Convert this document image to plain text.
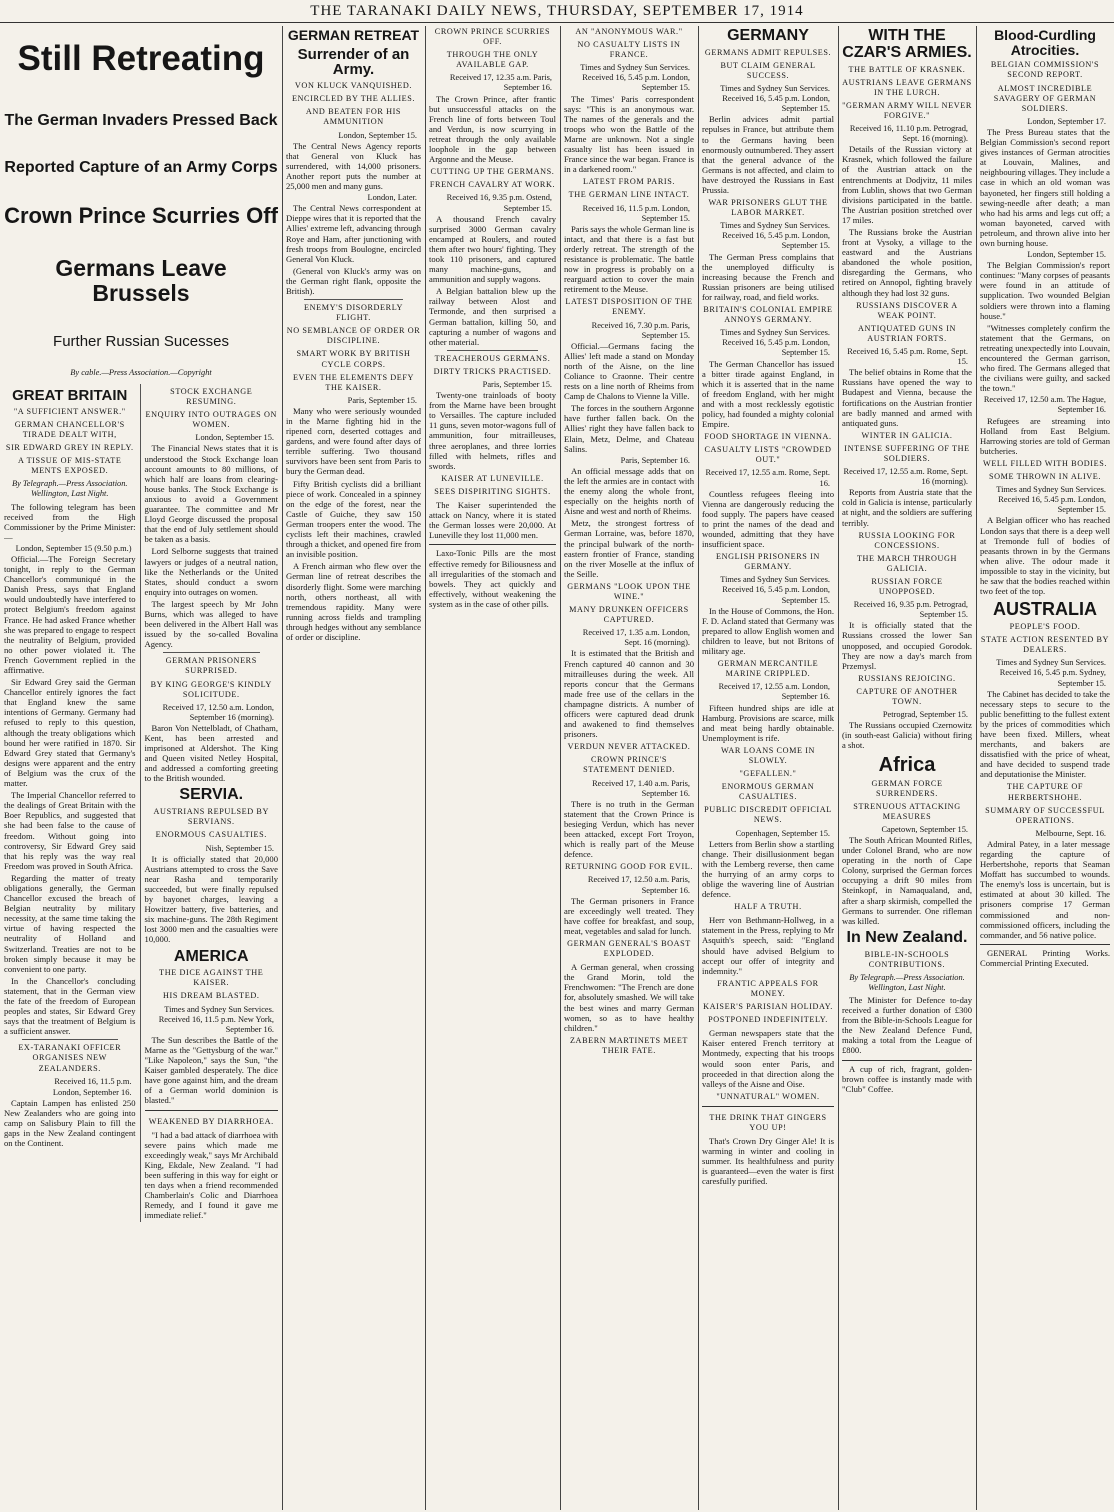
THE TARANAKI DAILY NEWS, THURSDAY, SEPTEMBER 17, 1914
Still Retreating
The German Invaders Pressed Back
Reported Capture of an Army Corps
Crown Prince Scurries Off
Germans Leave Brussels
Further Russian Sucesses
By cable.—Press Association.—Copyright
GREAT BRITAIN
"A SUFFICIENT ANSWER."
GERMAN CHANCELLOR'S TIRADE DEALT WITH,
SIR EDWARD GREY IN REPLY.
A TISSUE OF MIS-STATE MENTS EXPOSED.
By Telegraph.—Press Association. Wellington, Last Night.

The following telegram has been received from the High Commissioner by the Prime Minister:—

London, September 15 (9.50 p.m.)

Official.—The Foreign Secretary tonight, in reply to the German Chancellor's communiqué in the Danish Press, says that England would undoubtedly have interfered to protect Belgium's freedom against France. He had asked France whether she was prepared to engage to respect the neutrality of Belgium, provided no other power violated it. The French Government replied in the affirmative.

Sir Edward Grey said the German Chancellor entirely ignores the fact that England knew the same intentions of Germany. Germany had refused to reply to this question, although the treaty obligations which bound her were ratified in 1870. Sir Edward Grey stated that Germany's designs were apparent and the entry of Belgium was the crux of the matter.

The Imperial Chancellor referred to the dealings of Great Britain with the Boer Republics, and suggested that she had been false to the cause of freedom. Without going into controversy, Sir Edward Grey said that his reply was the way real Freedom was proved in South Africa.

Regarding the matter of treaty obligations generally, the German Chancellor excused the breach of Belgian neutrality by military necessity, at the same time taking the virtue of having respected the neutrality of Holland and Switzerland. Treaties are not to be broken simply because it may be convenient to one party.

In the Chancellor's concluding statement, that in the German view the fate of the freedom of European peoples and states, Sir Edward Grey says that the treatment of Belgium is a sufficient answer.

EX-TARANAKI OFFICER ORGANISES NEW ZEALANDERS.
Received 16, 11.5 p.m.
London, September 16.

Captain Lampen has enlisted 250 New Zealanders who are going into camp on Salisbury Plain to fill the gaps in the New Zealand contingent on the Continent.

STOCK EXCHANGE RESUMING.
ENQUIRY INTO OUTRAGES ON WOMEN.
London, September 15.

The Financial News states that it is understood the Stock Exchange loan account amounts to 80 millions, of which half are loans from clearing-house banks. The Stock Exchange is anxious to avoid a Government guarantee. The committee and Mr Lloyd George discussed the proposal that the end of July settlement should be taken as a basis.

Lord Selborne suggests that trained lawyers or judges of a neutral nation, like the Netherlands or the United States, should conduct a sworn enquiry into outrages on women.

The largest speech by Mr John Burns, which was alleged to have been delivered in the Albert Hall was issued by the so-called Bovalina Agency.

GERMAN PRISONERS SURPRISED.
BY KING GEORGE'S KINDLY SOLICITUDE.
Received 17, 12.50 a.m. London, September 16 (morning).

Baron Von Nettelbladt, of Chatham, Kent, has been arrested and imprisoned at Aldershot. The King and Queen visited Netley Hospital, and addressed a comforting greeting to the British wounded.

SERVIA.
AUSTRIANS REPULSED BY SERVIANS.
ENORMOUS CASUALTIES.
Nish, September 15.

It is officially stated that 20,000 Austrians attempted to cross the Save near Rasha and temporarily succeeded, but were finally repulsed by bayonet charges, leaving a Howitzer battery, five batteries, and six machine-guns. The 28th Regiment lost 3000 men and the casualties were 10,000.

AMERICA
THE DICE AGAINST THE KAISER.
HIS DREAM BLASTED.
Times and Sydney Sun Services. Received 16, 11.5 p.m. New York, September 16.

The Sun describes the Battle of the Marne as the "Gettysburg of the war." "Like Napoleon," says the Sun, "the Kaiser gambled desperately. The dice have gone against him, and the dream of a German world dominion is blasted."

WEAKENED BY DIARRHOEA.

"I had a bad attack of diarrhoea with severe pains which made me exceedingly weak," says Mr Archibald King, Ekdale, New Zealand. "I had been suffering in this way for eight or ten days when a friend recommended Chamberlain's Colic and Diarrhoea Remedy, and I found it gave me immediate relief."

GERMAN RETREAT
Surrender of an Army.
VON KLUCK VANQUISHED.
ENCIRCLED BY THE ALLIES.
AND BEATEN FOR HIS AMMUNITION
London, September 15.

The Central News Agency reports that General von Kluck has surrendered, with 14,000 prisoners. Another report puts the number at 25,000 men and many guns.

London, Later.

The Central News correspondent at Dieppe wires that it is reported that the Allies' extreme left, advancing through Roye and Ham, after junctioning with fresh troops from Boulogne, encircled General Von Kluck.

(General von Kluck's army was on the German right flank, opposite the British).

ENEMY'S DISORDERLY FLIGHT.
NO SEMBLANCE OF ORDER OR DISCIPLINE.
SMART WORK BY BRITISH CYCLE CORPS.
EVEN THE ELEMENTS DEFY THE KAISER.
Paris, September 15.

Many who were seriously wounded in the Marne fighting hid in the ripened corn, deserted cottages and gardens, and were found after days of terrible suffering. Two thousand survivors have been sent from Paris to bury the German dead.

Fifty British cyclists did a brilliant piece of work. Concealed in a spinney on the edge of the forest, near the Castle of Guiche, they saw 150 German troopers enter the wood. The cyclists left their machines, crawled through a thicket, and opened fire from an invisible position.

A French airman who flew over the German line of retreat describes the disorderly flight. Some were marching north, others northeast, all with tremendous rapidity. Many were running across fields and trampling through hedges without any semblance of order or discipline.

CROWN PRINCE SCURRIES OFF.
THROUGH THE ONLY AVAILABLE GAP.
Received 17, 12.35 a.m. Paris, September 16.

The Crown Prince, after frantic but unsuccessful attacks on the French line of forts between Toul and Verdun, is now scurrying in retreat through the only available loophole in the gap between Argonne and the Meuse.

CUTTING UP THE GERMANS.
FRENCH CAVALRY AT WORK.
Received 16, 9.35 p.m. Ostend, September 15.

A thousand French cavalry surprised 3000 German cavalry encamped at Roulers, and routed them after two hours' fighting. They took 110 prisoners, and captured many machine-guns, and ammunition and supply wagons.

A Belgian battalion blew up the railway between Alost and Termonde, and then surprised a German battalion, killing 50, and capturing a number of wagons and other material.

TREACHEROUS GERMANS.
DIRTY TRICKS PRACTISED.
Paris, September 15.

Twenty-one trainloads of booty from the Marne have been brought to Versailles. The capture included 11 guns, seven motor-wagons full of ammunition, four mitrailleuses, three aeroplanes, and three lorries filled with helmets, rifles and swords.

KAISER AT LUNEVILLE.
SEES DISPIRITING SIGHTS.

The Kaiser superintended the attack on Nancy, where it is stated the German losses were 20,000. At Luneville they lost 11,000 men.

Laxo-Tonic Pills are the most effective remedy for Biliousness and all irregularities of the stomach and bowels. They act quickly and effectively, without weakening the system as in the case of other pills.

AN "ANONYMOUS WAR."
NO CASUALTY LISTS IN FRANCE.
Times and Sydney Sun Services. Received 16, 5.45 p.m. London, September 15.

The Times' Paris correspondent says: "This is an anonymous war. The names of the generals and the troops who won the Battle of the Marne are unknown. Not a single casualty list has been issued in France since the war began. France is in a darkened room."

LATEST FROM PARIS.
THE GERMAN LINE INTACT.
Received 16, 11.5 p.m. London, September 15.

Paris says the whole German line is intact, and that there is a fast but orderly retreat. The strength of the resistance is problematic. The battle now in progress is probably on a rearguard action to cover the main retirement to the Meuse.

LATEST DISPOSITION OF THE ENEMY.
Received 16, 7.30 p.m. Paris, September 15.

Official.—Germans facing the Allies' left made a stand on Monday north of the Aisne, on the line Coliance to Craonne. Their centre rests on a line north of Rheims from Camp de Chalons to Vienne la Ville.

The forces in the southern Argonne have further fallen back. On the Allies' right they have fallen back to Elain, Metz, Delme, and Chateau Salins.

Paris, September 16.

An official message adds that on the left the armies are in contact with the enemy along the whole front, especially on the heights north of Aisne and west and north of Rheims.

Metz, the strongest fortress of German Lorraine, was, before 1870, the principal bulwark of the north-eastern frontier of France, standing on the river Moselle at the influx of the Seille.

GERMANS "LOOK UPON THE WINE."
MANY DRUNKEN OFFICERS CAPTURED.
Received 17, 1.35 a.m. London, Sept. 16 (morning).

It is estimated that the British and French captured 40 cannon and 30 mitrailleuses during the week. All reports concur that the Germans made free use of the cellars in the champagne districts. A number of officers were captured dead drunk and awakened to find themselves prisoners.

VERDUN NEVER ATTACKED.
CROWN PRINCE'S STATEMENT DENIED.
Received 17, 1.40 a.m. Paris, September 16.

There is no truth in the German statement that the Crown Prince is besieging Verdun, which has never been attacked, except Fort Troyon, which is really part of the Meuse defence.

RETURNING GOOD FOR EVIL.
Received 17, 12.50 a.m. Paris, September 16.

The German prisoners in France are exceedingly well treated. They have coffee for breakfast, and soup, meat, vegetables and salad for lunch.

GERMAN GENERAL'S BOAST EXPLODED.

A German general, when crossing the Grand Morin, told the Frenchwomen: "The French are done for, absolutely smashed. We will take the best wines and marry German women, so as to have healthy children."

ZABERN MARTINETS MEET THEIR FATE.
GERMANY
GERMANS ADMIT REPULSES.
BUT CLAIM GENERAL SUCCESS.
Times and Sydney Sun Services. Received 16, 5.45 p.m. London, September 15.

Berlin advices admit partial repulses in France, but attribute them to the Germans having been enormously outnumbered. They assert that the general advance of the Germans is not affected, and claim to have destroyed the Russians in East Prussia.

WAR PRISONERS GLUT THE LABOR MARKET.
Times and Sydney Sun Services. Received 16, 5.45 p.m. London, September 15.

The German Press complains that the unemployed difficulty is increasing because the French and Russian prisoners are being utilised for railway, road, and field works.

BRITAIN'S COLONIAL EMPIRE ANNOYS GERMANY.
Times and Sydney Sun Services. Received 16, 5.45 p.m. London, September 15.

The German Chancellor has issued a bitter tirade against England, in which it is asserted that in the name of freedom England, with her might and with a most recklessly egotistic policy, had founded a mighty colonial Empire.

FOOD SHORTAGE IN VIENNA.
CASUALTY LISTS "CROWDED OUT."
Received 17, 12.55 a.m. Rome, Sept. 16.

Countless refugees fleeing into Vienna are dangerously reducing the food supply. The papers have ceased to print the names of the dead and wounded, admitting that they have insufficient space.

ENGLISH PRISONERS IN GERMANY.
Times and Sydney Sun Services. Received 16, 5.45 p.m. London, September 15.

In the House of Commons, the Hon. F. D. Acland stated that Germany was prepared to allow English women and children to leave, but not Britons of military age.

GERMAN MERCANTILE MARINE CRIPPLED.
Received 17, 12.55 a.m. London, September 16.

Fifteen hundred ships are idle at Hamburg. Provisions are scarce, milk and meat being hardly obtainable. Unemployment is rife.

WAR LOANS COME IN SLOWLY.
"GEFALLEN."
ENORMOUS GERMAN CASUALTIES.
PUBLIC DISCREDIT OFFICIAL NEWS.
Copenhagen, September 15.

Letters from Berlin show a startling change. Their disillusionment began with the Lemberg reverse, then came the hurrying of an army corps to oblige the wavering line of Austrian defence.

HALF A TRUTH.

Herr von Bethmann-Hollweg, in a statement in the Press, replying to Mr Asquith's speech, said: "England should have advised Belgium to accept our offer of integrity and indemnity."

FRANTIC APPEALS FOR MONEY.
KAISER'S PARISIAN HOLIDAY.
POSTPONED INDEFINITELY.

German newspapers state that the Kaiser entered French territory at Montmedy, expecting that his troops would soon enter Paris, and proceeded in that direction along the valleys of the Aisne and Oise.

"UNNATURAL" WOMEN.
THE DRINK THAT GINGERS YOU UP!

That's Crown Dry Ginger Ale! It is warming in winter and cooling in summer. Its healthfulness and purity is guaranteed—even the water is first caresfully purified.

WITH THE CZAR'S ARMIES.
THE BATTLE OF KRASNEK.
AUSTRIANS LEAVE GERMANS IN THE LURCH.
"GERMAN ARMY WILL NEVER FORGIVE."
Received 16, 11.10 p.m. Petrograd, Sept. 16 (morning).

Details of the Russian victory at Krasnek, which followed the failure of the Austrian attack on the entrenchments at Dodjvitz, 11 miles from Lublin, shows that two German divisions participated in the battle. The Austrian position stretched over 17 miles.

The Russians broke the Austrian front at Vysoky, a village to the eastward and the Austrians abandoned the whole position, disregarding the Germans, who retired on Annopol, fighting bravely although they had lost 32 guns.

RUSSIANS DISCOVER A WEAK POINT.
ANTIQUATED GUNS IN AUSTRIAN FORTS.
Received 16, 5.45 p.m. Rome, Sept. 15.

The belief obtains in Rome that the Russians have opened the way to Budapest and Vienna, because the fortifications on the Austrian frontier are badly manned and armed with antiquated guns.

WINTER IN GALICIA.
INTENSE SUFFERING OF THE SOLDIERS.
Received 17, 12.55 a.m. Rome, Sept. 16 (morning).

Reports from Austria state that the cold in Galicia is intense, particularly at night, and the soldiers are suffering terribly.

RUSSIA LOOKING FOR CONCESSIONS.
THE MARCH THROUGH GALICIA.
RUSSIAN FORCE UNOPPOSED.
Received 16, 9.35 p.m. Petrograd, September 15.

It is officially stated that the Russians crossed the lower San unopposed, and occupied Gorodok. They are now a day's march from Przemysl.

RUSSIANS REJOICING.
CAPTURE OF ANOTHER TOWN.
Petrograd, September 15.

The Russians occupied Czernowitz (in south-east Galicia) without firing a shot.

Africa
GERMAN FORCE SURRENDERS.
STRENUOUS ATTACKING MEASURES
Capetown, September 15.

The South African Mounted Rifles, under Colonel Brand, who are now operating in the north of Cape Colony, surprised the German forces occupying a drift 90 miles from Steinkopf, in Namaqualand, and, after a sharp skirmish, compelled the Germans to surrender. One rifleman was killed.

In New Zealand.
BIBLE-IN-SCHOOLS CONTRIBUTIONS.
By Telegraph.—Press Association. Wellington, Last Night.

The Minister for Defence to-day received a further donation of £300 from the Bible-in-Schools League for the New Zealand Defence Fund, making a total from the League of £800.

A cup of rich, fragrant, golden-brown coffee is instantly made with "Club" Coffee.

Blood-Curdling Atrocities.
BELGIAN COMMISSION'S SECOND REPORT.
ALMOST INCREDIBLE SAVAGERY OF GERMAN SOLDIERS.
London, September 17.

The Press Bureau states that the Belgian Commission's second report gives instances of German atrocities at Louvain, Malines, and neighbouring villages. They include a case in which an old woman was bayoneted, her fingers still holding a sewing-needle after death; a man who had his arms and legs cut off; a woman bayoneted, carved with petroleum, and thrown alive into her own burning house.

London, September 15.

The Belgian Commission's report continues: "Many corpses of peasants were found in an attitude of supplication. Two wounded Belgian soldiers were thrown into a flaming house."

"Witnesses completely confirm the statement that the Germans, on retreating unexpectedly into Louvain, encountered the German garrison, who fired. The Germans alleged that the civilians were guilty, and sacked the town."

Received 17, 12.50 a.m. The Hague, September 16.

Refugees are streaming into Holland from East Belgium. Harrowing stories are told of German butcheries.

WELL FILLED WITH BODIES.
SOME THROWN IN ALIVE.
Times and Sydney Sun Services. Received 16, 5.45 p.m. London, September 15.

A Belgian officer who has reached London says that there is a deep well at Tremonde full of bodies of peasants thrown in by the Germans when alive. The odour made it impossible to stay in the vicinity, but he saw that the bodies reached within two feet of the top.

AUSTRALIA
PEOPLE'S FOOD.
STATE ACTION RESENTED BY DEALERS.
Times and Sydney Sun Services. Received 16, 5.45 p.m. Sydney, September 15.

The Cabinet has decided to take the necessary steps to secure to the public benefitting to the fullest extent by the prices of commodities which have been fixed. Millers, wheat merchants, and bakers are dissatisfied with the price of wheat, and have decided to suspend trade and deputationise the Minister.

THE CAPTURE OF HERBERTSHOHE.
SUMMARY OF SUCCESSFUL OPERATIONS.
Melbourne, Sept. 16.

Admiral Patey, in a later message regarding the capture of Herbertshohe, reports that Seaman Moffatt has succumbed to wounds. The enemy's loss is uncertain, but is estimated at about 30 killed. The prisoners comprise 17 German commissioned and non-commissioned officers, including the commander, and 56 native police.

GENERAL Printing Works. Commercial Printing Executed.
